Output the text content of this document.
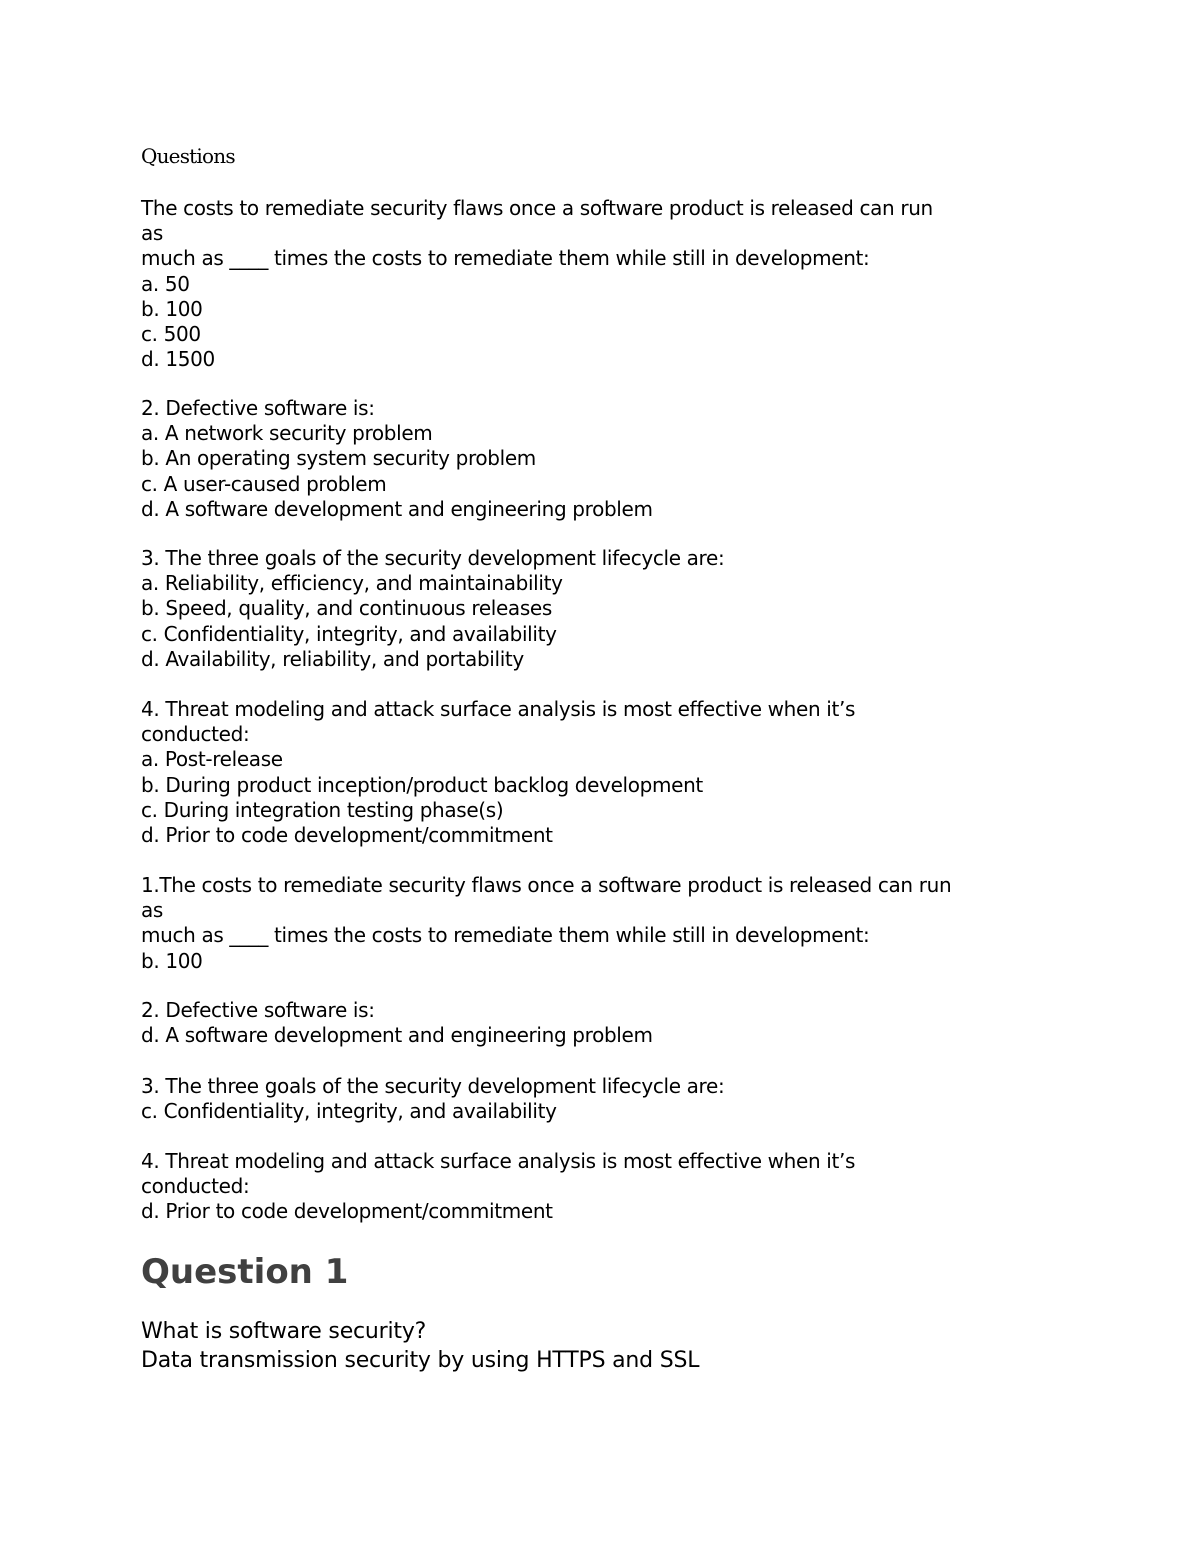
Questions
The costs to remediate security flaws once a software product is released can run
as
much as ____ times the costs to remediate them while still in development:
a. 50
b. 100
c. 500
d. 1500
2. Defective software is:
a. A network security problem
b. An operating system security problem
c. A user-caused problem
d. A software development and engineering problem
3. The three goals of the security development lifecycle are:
a. Reliability, efficiency, and maintainability
b. Speed, quality, and continuous releases
c. Confidentiality, integrity, and availability
d. Availability, reliability, and portability
4. Threat modeling and attack surface analysis is most effective when it’s
conducted:
a. Post-release
b. During product inception/product backlog development
c. During integration testing phase(s)
d. Prior to code development/commitment
1.The costs to remediate security flaws once a software product is released can run
as
much as ____ times the costs to remediate them while still in development:
b. 100
2. Defective software is:
d. A software development and engineering problem
3. The three goals of the security development lifecycle are:
c. Confidentiality, integrity, and availability
4. Threat modeling and attack surface analysis is most effective when it’s
conducted:
d. Prior to code development/commitment
Question 1
What is software security?
Data transmission security by using HTTPS and SSL
